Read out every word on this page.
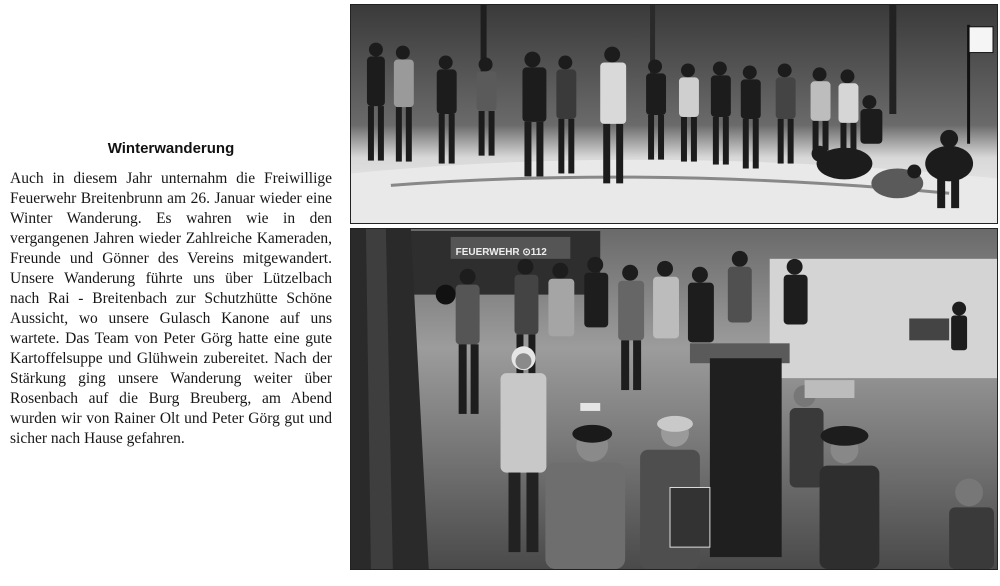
Winterwanderung

Auch in diesem Jahr unternahm die Freiwillige Feuerwehr Breitenbrunn am 26. Januar wieder eine Winter Wanderung. Es wahren wie in den vergangenen Jahren wieder Zahlreiche Kameraden, Freunde und Gönner des Vereins mitgewandert. Unsere Wanderung führte uns über Lützelbach nach Rai - Breitenbach zur Schutzhütte Schöne Aussicht, wo unsere Gulasch Kanone auf uns wartete. Das Team von Peter Görg hatte eine gute Kartoffelsuppe und Glühwein zubereitet. Nach der Stärkung ging unsere Wanderung weiter über Rosenbach auf die Burg Breuberg, am Abend wurden wir von Rainer Olt und Peter Görg gut und sicher nach Hause gefahren.

FEUERWEHR ⊙112
